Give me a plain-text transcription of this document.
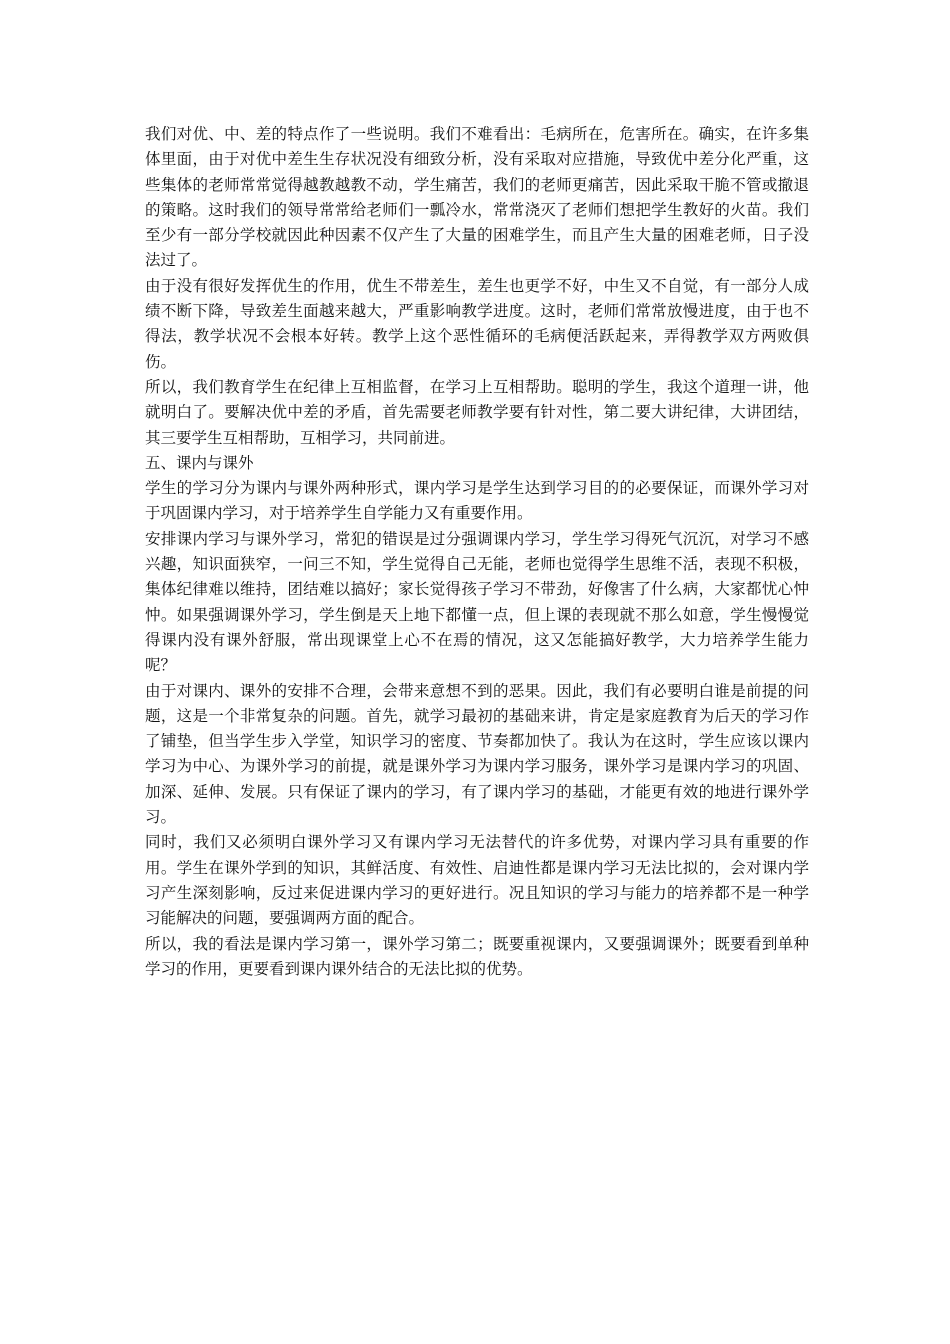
我们对优、中、差的特点作了一些说明。我们不难看出：毛病所在，危害所在。确实，在许多集体里面，由于对优中差生生存状况没有细致分析，没有采取对应措施，导致优中差分化严重，这些集体的老师常常觉得越教越教不动，学生痛苦，我们的老师更痛苦，因此采取干脆不管或撤退的策略。这时我们的领导常常给老师们一瓢冷水，常常浇灭了老师们想把学生教好的火苗。我们至少有一部分学校就因此种因素不仅产生了大量的困难学生，而且产生大量的困难老师，日子没法过了。

由于没有很好发挥优生的作用，优生不带差生，差生也更学不好，中生又不自觉，有一部分人成绩不断下降，导致差生面越来越大，严重影响教学进度。这时，老师们常常放慢进度，由于也不得法，教学状况不会根本好转。教学上这个恶性循环的毛病便活跃起来，弄得教学双方两败俱伤。

所以，我们教育学生在纪律上互相监督，在学习上互相帮助。聪明的学生，我这个道理一讲，他就明白了。要解决优中差的矛盾，首先需要老师教学要有针对性，第二要大讲纪律，大讲团结，其三要学生互相帮助，互相学习，共同前进。

五、课内与课外

学生的学习分为课内与课外两种形式，课内学习是学生达到学习目的的必要保证，而课外学习对于巩固课内学习，对于培养学生自学能力又有重要作用。

安排课内学习与课外学习，常犯的错误是过分强调课内学习，学生学习得死气沉沉，对学习不感兴趣，知识面狭窄，一问三不知，学生觉得自己无能，老师也觉得学生思维不活，表现不积极，集体纪律难以维持，团结难以搞好；家长觉得孩子学习不带劲，好像害了什么病，大家都忧心忡忡。如果强调课外学习，学生倒是天上地下都懂一点，但上课的表现就不那么如意，学生慢慢觉得课内没有课外舒服，常出现课堂上心不在焉的情况，这又怎能搞好教学，大力培养学生能力呢？

由于对课内、课外的安排不合理，会带来意想不到的恶果。因此，我们有必要明白谁是前提的问题，这是一个非常复杂的问题。首先，就学习最初的基础来讲，肯定是家庭教育为后天的学习作了铺垫，但当学生步入学堂，知识学习的密度、节奏都加快了。我认为在这时，学生应该以课内学习为中心、为课外学习的前提，就是课外学习为课内学习服务，课外学习是课内学习的巩固、加深、延伸、发展。只有保证了课内的学习，有了课内学习的基础，才能更有效的地进行课外学习。

同时，我们又必须明白课外学习又有课内学习无法替代的许多优势，对课内学习具有重要的作用。学生在课外学到的知识，其鲜活度、有效性、启迪性都是课内学习无法比拟的，会对课内学习产生深刻影响，反过来促进课内学习的更好进行。况且知识的学习与能力的培养都不是一种学习能解决的问题，要强调两方面的配合。

所以，我的看法是课内学习第一，课外学习第二；既要重视课内，又要强调课外；既要看到单种学习的作用，更要看到课内课外结合的无法比拟的优势。
